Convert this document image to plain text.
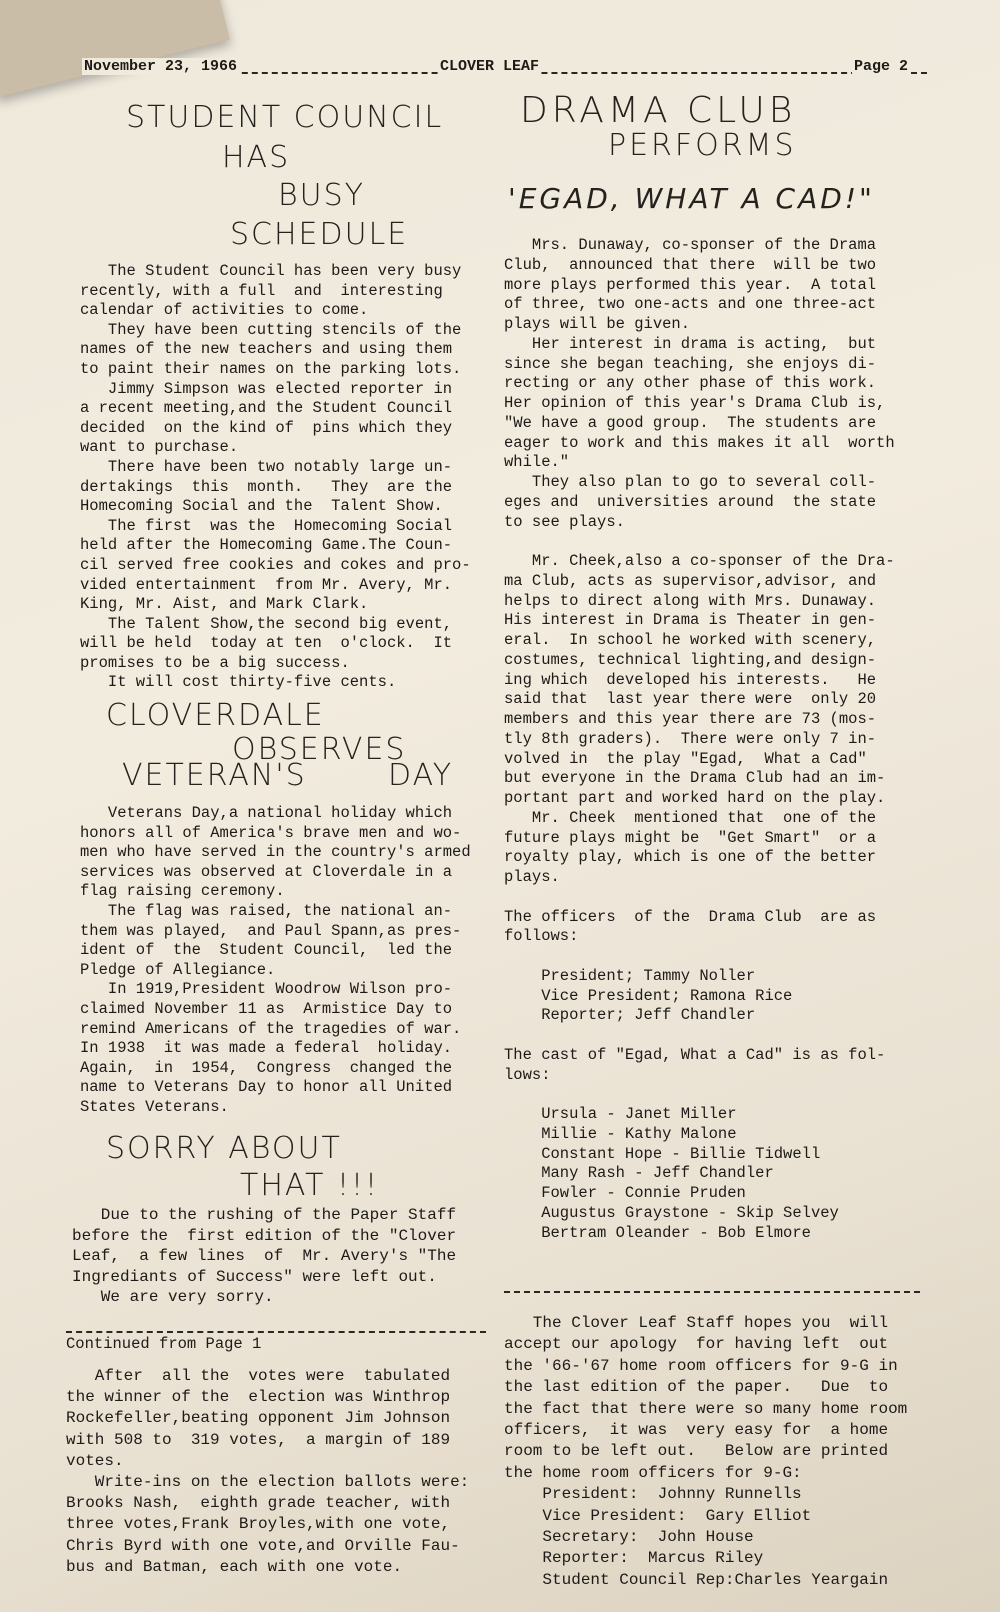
November 23, 1966	CLOVER LEAF	Page 2
STUDENT COUNCIL
HAS
BUSY
SCHEDULE

The Student Council has been very busy

recently, with a full  and  interesting

calendar of activities to come.

They have been cutting stencils of the

names of the new teachers and using them

to paint their names on the parking lots.

Jimmy Simpson was elected reporter in

a recent meeting,and the Student Council

decided  on the kind of  pins which they

want to purchase.

There have been two notably large un-

dertakings  this  month.   They  are the

Homecoming Social and the  Talent Show.

The first  was the  Homecoming Social

held after the Homecoming Game.The Coun-

cil served free cookies and cokes and pro-

vided entertainment  from Mr. Avery, Mr.

King, Mr. Aist, and Mark Clark.

The Talent Show,the second big event,

will be held  today at ten  o'clock.  It

promises to be a big success.

It will cost thirty-five cents.

CLOVERDALE
OBSERVES
VETERAN'S	DAY

Veterans Day,a national holiday which

honors all of America's brave men and wo-

men who have served in the country's armed

services was observed at Cloverdale in a

flag raising ceremony.

The flag was raised, the national an-

them was played,  and Paul Spann,as pres-

ident of  the  Student Council,  led the

Pledge of Allegiance.

In 1919,President Woodrow Wilson pro-

claimed November 11 as  Armistice Day to

remind Americans of the tragedies of war.

In 1938  it was made a federal  holiday.

Again,  in  1954,  Congress  changed the

name to Veterans Day to honor all United

States Veterans.

SORRY ABOUT
THAT !!!

Due to the rushing of the Paper Staff

before the  first edition of the "Clover

Leaf,  a few lines  of  Mr. Avery's "The

Ingrediants of Success" were left out.

We are very sorry.

Continued from Page 1

After  all the  votes were  tabulated

the winner of the  election was Winthrop

Rockefeller,beating opponent Jim Johnson

with 508 to  319 votes,  a margin of 189

votes.

Write-ins on the election ballots were:

Brooks Nash,  eighth grade teacher, with

three votes,Frank Broyles,with one vote,

Chris Byrd with one vote,and Orville Fau-

bus and Batman, each with one vote.

DRAMA CLUB
PERFORMS
'EGAD, WHAT A CAD!"

Mrs. Dunaway, co-sponser of the Drama

Club,  announced that there  will be two

more plays performed this year.  A total

of three, two one-acts and one three-act

plays will be given.

Her interest in drama is acting,  but

since she began teaching, she enjoys di-

recting or any other phase of this work.

Her opinion of this year's Drama Club is,

"We have a good group.  The students are

eager to work and this makes it all  worth

while."

They also plan to go to several coll-

eges and  universities around  the state

to see plays.

Mr. Cheek,also a co-sponser of the Dra-

ma Club, acts as supervisor,advisor, and

helps to direct along with Mrs. Dunaway.

His interest in Drama is Theater in gen-

eral.  In school he worked with scenery,

costumes, technical lighting,and design-

ing which  developed his interests.   He

said that  last year there were  only 20

members and this year there are 73 (mos-

tly 8th graders).  There were only 7 in-

volved in  the play "Egad,  What a Cad"

but everyone in the Drama Club had an im-

portant part and worked hard on the play.

Mr. Cheek  mentioned that  one of the

future plays might be  "Get Smart"  or a

royalty play, which is one of the better

plays.

The officers  of the  Drama Club  are as

follows:

President; Tammy Noller

Vice President; Ramona Rice

Reporter; Jeff Chandler

The cast of "Egad, What a Cad" is as fol-

lows:

Ursula - Janet Miller

Millie - Kathy Malone

Constant Hope - Billie Tidwell

Many Rash - Jeff Chandler

Fowler - Connie Pruden

Augustus Graystone - Skip Selvey

Bertram Oleander - Bob Elmore

The Clover Leaf Staff hopes you  will

accept our apology  for having left  out

the '66-'67 home room officers for 9-G in

the last edition of the paper.   Due  to

the fact that there were so many home room

officers,  it was  very easy for  a home

room to be left out.   Below are printed

the home room officers for 9-G:

President:  Johnny Runnells

Vice President:  Gary Elliot

Secretary:  John House

Reporter:  Marcus Riley

Student Council Rep:Charles Yeargain
